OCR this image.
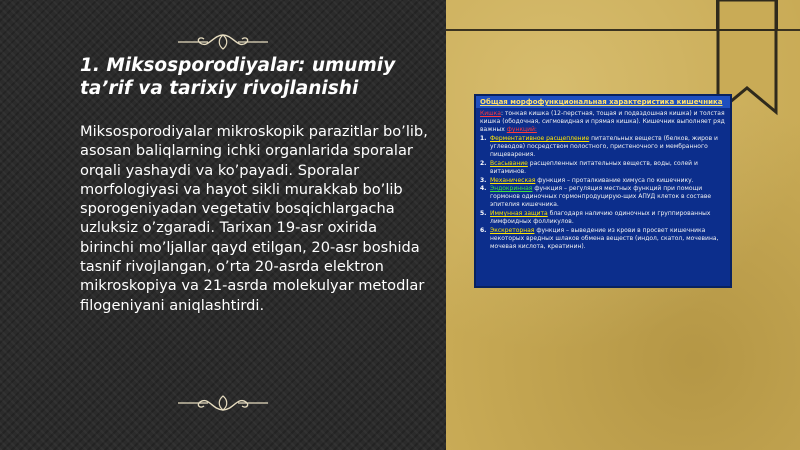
1. Miksosporodiyalar: umumiy ta’rif va tarixiy rivojlanishi

Miksosporodiyalar mikroskopik parazitlar bo’lib, asosan baliqlarning ichki organlarida sporalar orqali yashaydi va ko’payadi. Sporalar morfologiyasi va hayot sikli murakkab bo’lib sporogeniyadan vegetativ bosqichlargacha uzluksiz o’zgaradi. Tarixan 19-asr oxirida birinchi mo’ljallar qayd etilgan, 20-asr boshida tasnif rivojlangan, o’rta 20-asrda elektron mikroskopiya va 21-asrda molekulyar metodlar filogeniyani aniqlashtirdi.

Общая морфофункциональная характеристика кишечника

Кишка: тонкая кишка (12-перстная, тощая и подвздошная кишка) и толстая кишка (ободочная, сигмовидная и прямая кишка). Кишечник выполняет ряд важных функций:

1. Ферментативное расщепление питательных веществ (белков, жиров и углеводов) посредством полостного, пристеночного и мембранного пищеварения.
2. Всасывание расщепленных питательных веществ, воды, солей и витаминов.
3. Механическая функция – проталкивание химуса по кишечнику.
4. Эндокринная функция – регуляция местных функций при помощи гормонов одиночных гормонпродуцирую-щих АПУД клеток в составе эпителия кишечника.
5. Иммунная защита благодаря наличию одиночных и группированных лимфоидных фолликулов.
6. Экскреторная функция – выведение из крови в просвет кишечника некоторых вредных шлаков обмена веществ (индол, скатол, мочевина, мочевая кислота, креатинин).
